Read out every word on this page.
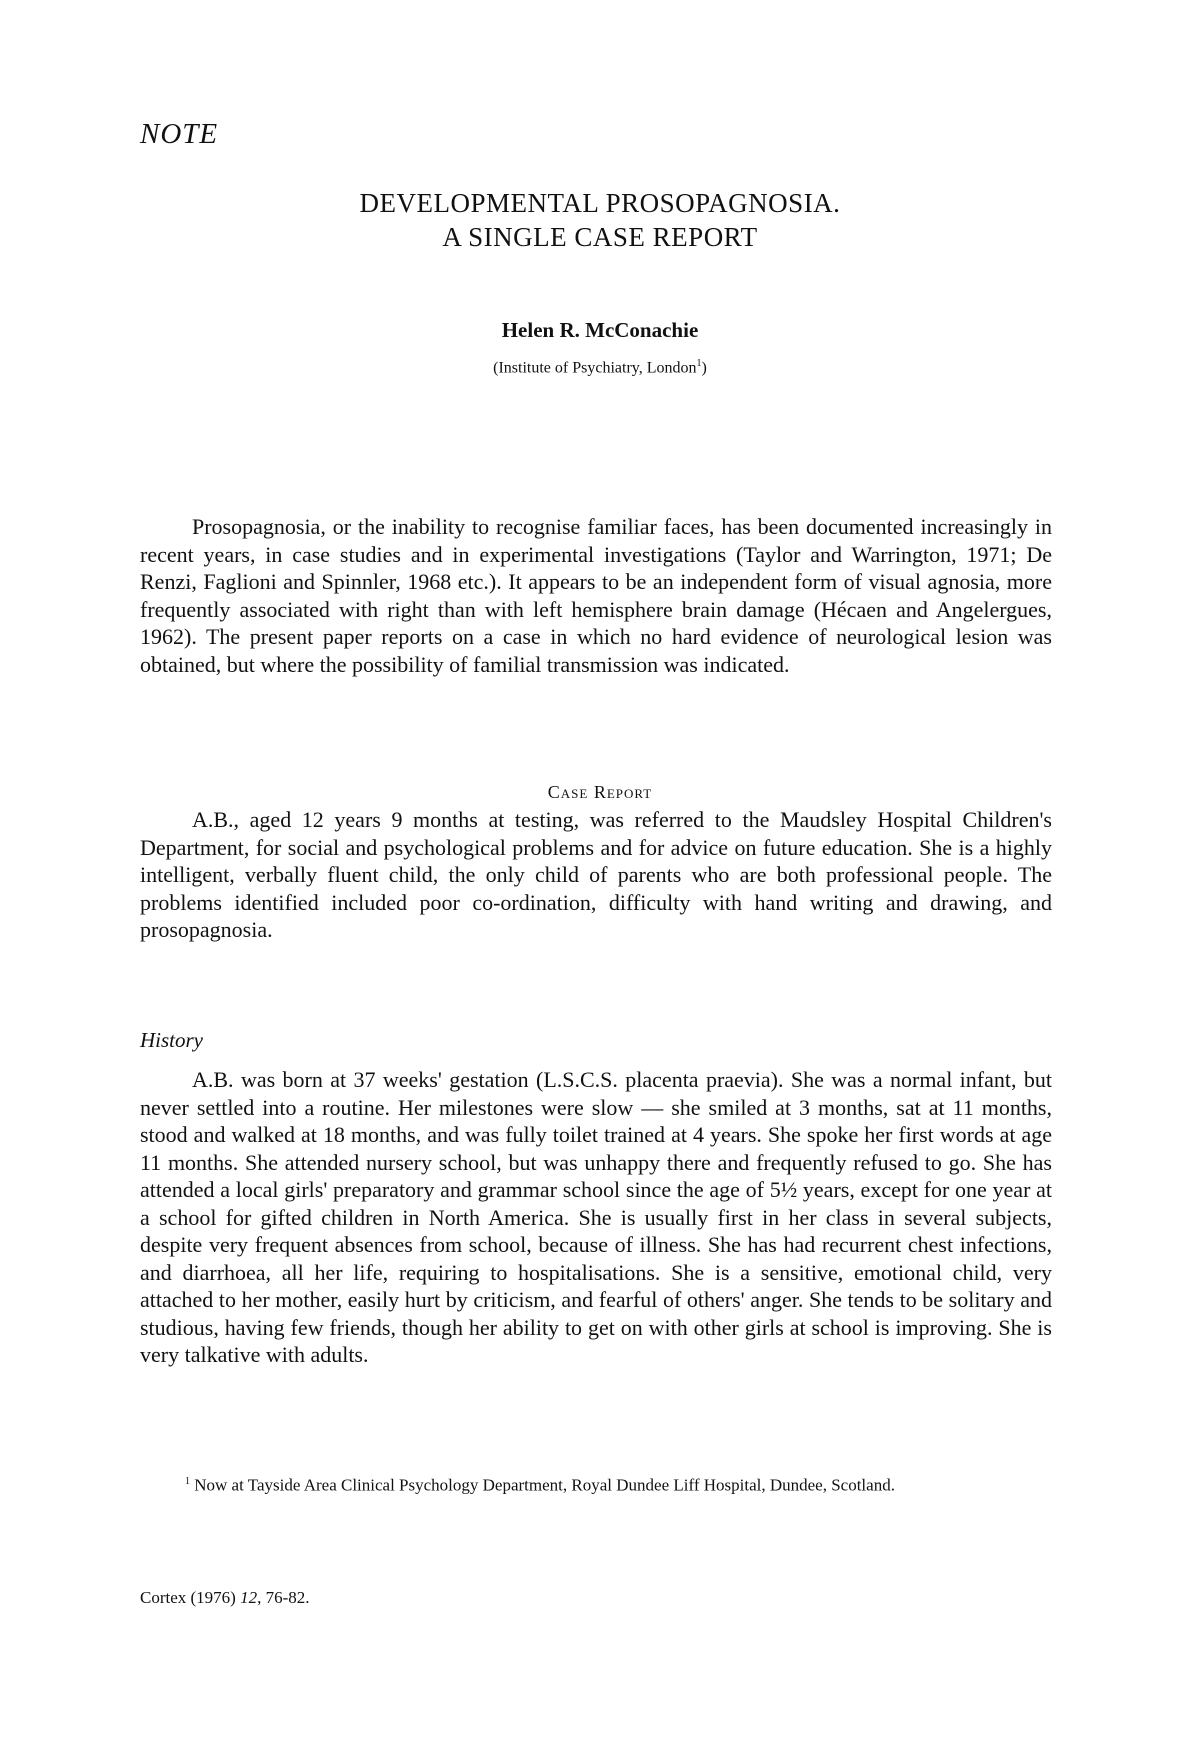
NOTE
DEVELOPMENTAL PROSOPAGNOSIA.
A SINGLE CASE REPORT
Helen R. McConachie
(Institute of Psychiatry, London$^1$)

Prosopagnosia, or the inability to recognise familiar faces, has been documented increasingly in recent years, in case studies and in experimental investigations (Taylor and Warrington, 1971; De Renzi, Faglioni and Spinnler, 1968 etc.). It appears to be an independent form of visual agnosia, more frequently associated with right than with left hemisphere brain damage (Hécaen and Angelergues, 1962). The present paper reports on a case in which no hard evidence of neurological lesion was obtained, but where the possibility of familial transmission was indicated.

Case Report

A.B., aged 12 years 9 months at testing, was referred to the Maudsley Hospital Children's Department, for social and psychological problems and for advice on future education. She is a highly intelligent, verbally fluent child, the only child of parents who are both professional people. The problems identified included poor co-ordination, difficulty with hand writing and drawing, and prosopagnosia.

History

A.B. was born at 37 weeks' gestation (L.S.C.S. placenta praevia). She was a normal infant, but never settled into a routine. Her milestones were slow — she smiled at 3 months, sat at 11 months, stood and walked at 18 months, and was fully toilet trained at 4 years. She spoke her first words at age 11 months. She attended nursery school, but was unhappy there and frequently refused to go. She has attended a local girls' preparatory and grammar school since the age of 5½ years, except for one year at a school for gifted children in North America. She is usually first in her class in several subjects, despite very frequent absences from school, because of illness. She has had recurrent chest infections, and diarrhoea, all her life, requiring to hospitalisations. She is a sensitive, emotional child, very attached to her mother, easily hurt by criticism, and fearful of others' anger. She tends to be solitary and studious, having few friends, though her ability to get on with other girls at school is improving. She is very talkative with adults.

$^1$ Now at Tayside Area Clinical Psychology Department, Royal Dundee Liff Hospital, Dundee, Scotland.

Cortex (1976) 12, 76-82.
